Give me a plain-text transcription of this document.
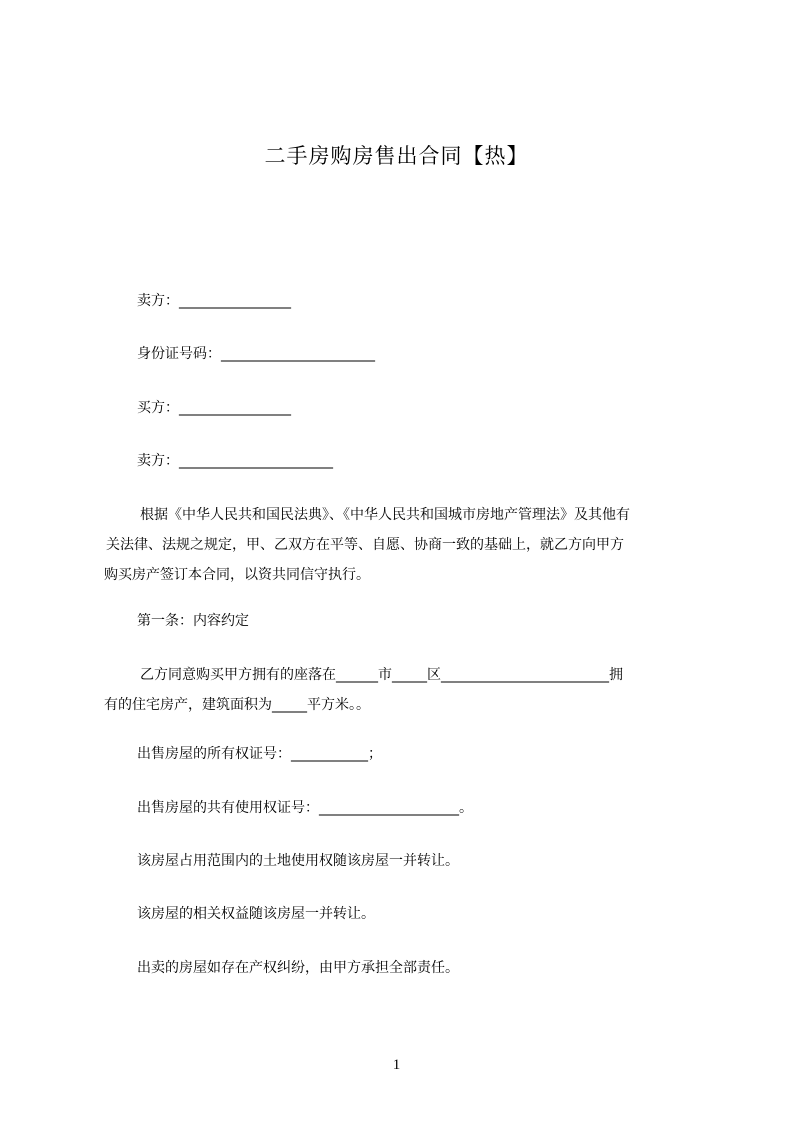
二手房购房售出合同【热】
卖方：________________
身份证号码：______________________
买方：________________
卖方：______________________
根据《中华人民共和国民法典》、《中华人民共和国城市房地产管理法》及其他有
关法律、法规之规定，甲、乙双方在平等、自愿、协商一致的基础上，就乙方向甲方
购买房产签订本合同，以资共同信守执行。
第一条：内容约定
乙方同意购买甲方拥有的座落在______市_____区________________________拥
有的住宅房产，建筑面积为_____平方米。。
出售房屋的所有权证号：___________；
出售房屋的共有使用权证号：____________________。
该房屋占用范围内的土地使用权随该房屋一并转让。
该房屋的相关权益随该房屋一并转让。
出卖的房屋如存在产权纠纷，由甲方承担全部责任。
1
